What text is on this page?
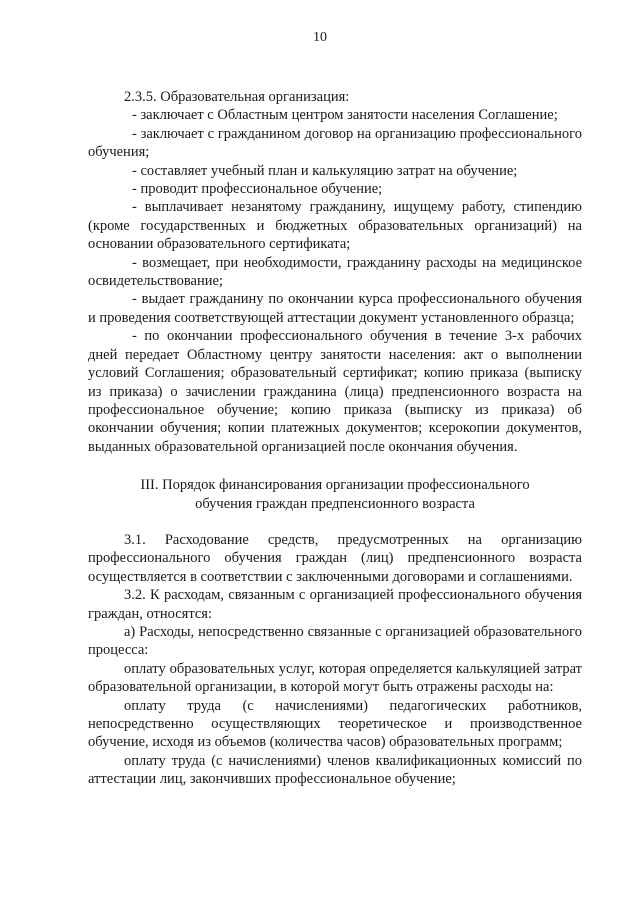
10

2.3.5. Образовательная организация:

- заключает с Областным центром занятости населения Соглашение;

- заключает с гражданином договор на организацию профессионального обучения;

- составляет учебный план и калькуляцию затрат на обучение;

- проводит профессиональное обучение;

- выплачивает незанятому гражданину, ищущему работу, стипендию (кроме государственных и бюджетных образовательных организаций) на основании образовательного сертификата;

- возмещает, при необходимости, гражданину расходы на медицинское освидетельствование;

- выдает гражданину по окончании курса профессионального обучения и проведения соответствующей аттестации документ установленного образца;

- по окончании профессионального обучения в течение 3-х рабочих дней передает Областному центру занятости населения: акт о выполнении условий Соглашения; образовательный сертификат; копию приказа (выписку из приказа) о зачислении гражданина (лица) предпенсионного возраста на профессиональное обучение; копию приказа (выписку из приказа) об окончании обучения; копии платежных документов; ксерокопии документов, выданных образовательной организацией после окончания обучения.

III. Порядок финансирования организации профессионального
обучения граждан предпенсионного возраста

3.1. Расходование средств, предусмотренных на организацию профессионального обучения граждан (лиц) предпенсионного возраста осуществляется в соответствии с заключенными договорами и соглашениями.

3.2. К расходам, связанным с организацией профессионального обучения граждан, относятся:

а) Расходы, непосредственно связанные с организацией образовательного процесса:

оплату образовательных услуг, которая определяется калькуляцией затрат образовательной организации, в которой могут быть отражены расходы на:

оплату труда (с начислениями) педагогических работников, непосредственно осуществляющих теоретическое и производственное обучение, исходя из объемов (количества часов) образовательных программ;

оплату труда (с начислениями) членов квалификационных комиссий по аттестации лиц, закончивших профессиональное обучение;
